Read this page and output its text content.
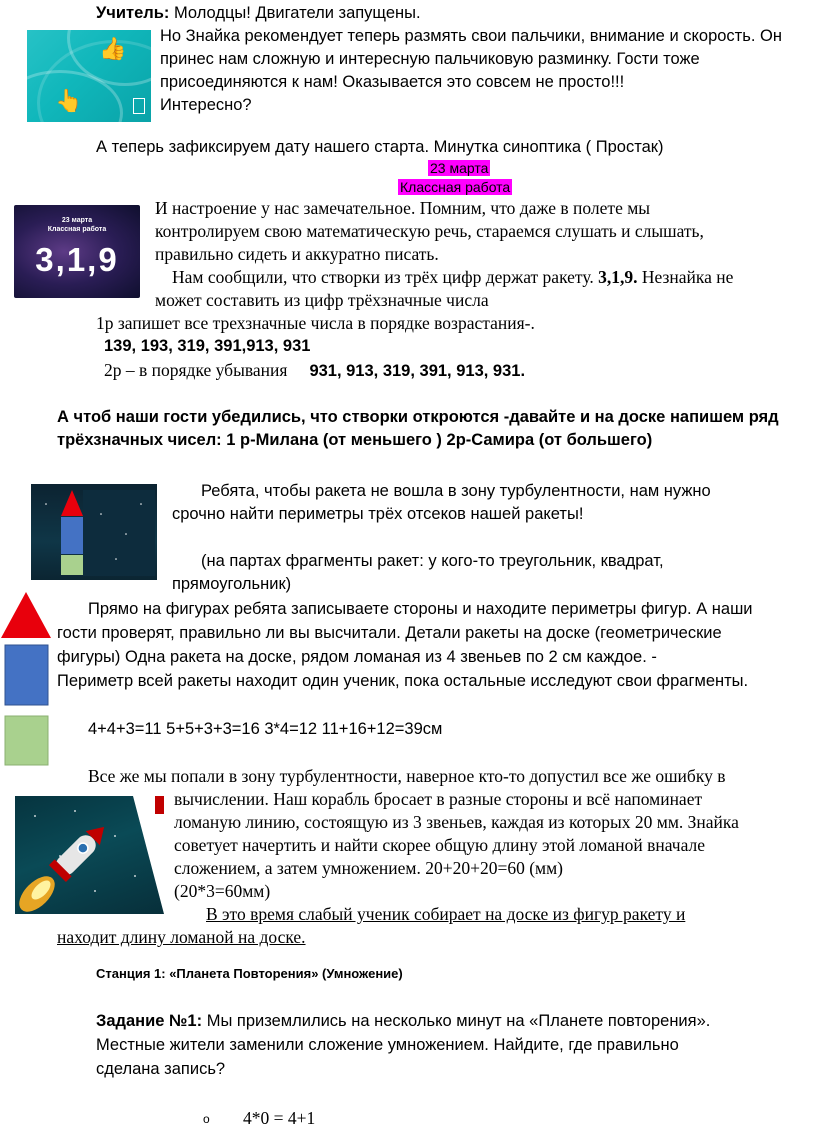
Учитель: Молодцы! Двигатели запущены.
Но Знайка рекомендует теперь размять свои пальчики, внимание и скорость. Он
принес нам сложную и интересную пальчиковую разминку. Гости тоже
присоединяются к нам! Оказывается это совсем не просто!!!
Интересно?
👍
👆
А теперь зафиксируем дату нашего старта. Минутка синоптика ( Простак)
23 марта
Классная работа
23 марта
Классная работа
3,1,9
И настроение у нас замечательное. Помним, что даже в полете мы
контролируем свою математическую речь, стараемся слушать и слышать,
правильно сидеть и аккуратно писать.
Нам сообщили, что створки из трёх цифр держат ракету. 3,1,9. Незнайка не
может составить из цифр трёхзначные числа
1р запишет все трехзначные числа в порядке возрастания-.
139, 193, 319, 391,913, 931
2р – в порядке убывания 931, 913, 319, 391, 913, 931.
А чтоб наши гости убедились, что створки откроются -давайте и на доске напишем ряд
трёхзначных чисел: 1 р-Милана (от меньшего ) 2р-Самира (от большего)
Ребята, чтобы ракета не вошла в зону турбулентности, нам нужно
срочно найти периметры трёх отсеков нашей ракеты!
(на партах фрагменты ракет: у кого-то треугольник, квадрат,
прямоугольник)
Прямо на фигурах ребята записываете стороны и находите периметры фигур. А наши
гости проверят, правильно ли вы высчитали. Детали ракеты на доске (геометрические
фигуры) Одна ракета на доске, рядом ломаная из 4 звеньев по 2 см каждое. -
Периметр всей ракеты находит один ученик, пока остальные исследуют свои фрагменты.
4+4+3=11 5+5+3+3=16 3*4=12 11+16+12=39см
Все же мы попали в зону турбулентности, наверное кто-то допустил все же ошибку в
вычислении. Наш корабль бросает в разные стороны и всё напоминает
ломаную линию, состоящую из 3 звеньев, каждая из которых 20 мм. Знайка
советует начертить и найти скорее общую длину этой ломаной вначале
сложением, а затем умножением. 20+20+20=60 (мм)
(20*3=60мм)
В это время слабый ученик собирает на доске из фигур ракету и
находит длину ломаной на доске.
Станция 1: «Планета Повторения» (Умножение)
Задание №1: Мы приземлились на несколько минут на «Планете повторения».
Местные жители заменили сложение умножением. Найдите, где правильно
сделана запись?
o 4*0 = 4+1
